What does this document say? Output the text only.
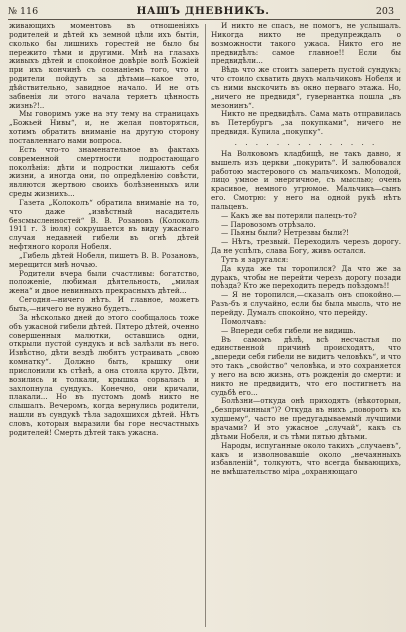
№ 116	НАШЪ ДНЕВНИКЪ.	203

живающихъ моментовъ въ отношеніяхъ родителей и дѣтей къ земной цѣли ихъ бытія, сколько бы лишнихъ горестей не было бы пережито тѣми и другими. Мнѣ на глазахъ живыхъ дѣтей и спокойное довѣріе волѣ Божіей при ихъ кончинѣ съ сознаніемъ того, что и родители пойдутъ за дѣтьми—какое это, дѣйствительно, завидное начало. И не отъ забвенія ли этого начала теряетъ цѣнность жизнь?!..

Мы говоримъ уже на эту тему на страницахъ „Божьей Нивы“, и, не желая повторяться, хотимъ обратить вниманіе на другую сторону поставленнаго нами вопроса.

Есть что-то знаменательное въ фактахъ современной смертности подростающаго поколѣнія: дѣти и подростки лишаютъ себя жизни, а иногда они, по опредѣленію совѣсти, являются жертвою своихъ болѣзненныхъ или среды жизнихъ...

Газета „Колоколъ“ обратила вниманіе на то, что даже „извѣстный насадитель безсмысленностей“ В. В. Розановъ (Колоколъ 1911 г. 3 іюля) сокрушается въ виду ужаснаго случая недавней гибели въ огнѣ дѣтей нефтяного короля Нобеля.

„Гибель дѣтей Нобеля, пишетъ В. В. Розановъ, мерещится мнѣ ночью.

Родители вчера были счастливы: богатство, положеніе, любимая дѣятельность, „милая жена“ и двое невинныхъ прекрасныхъ дѣтей...

Сегодня—ничего нѣтъ. И главное, можетъ быть,—ничего не нужно будетъ...

За нѣсколько дней до этого сообщалось тоже объ ужасной гибели дѣтей. Пятеро дѣтей, оченно совершенныя малютки, оставшись одни, открыли пустой сундукъ и всѣ залѣзли въ него. Извѣстно, дѣти вездѣ любятъ устраивать „свою комнатку“. Должно быть, крышку они прислонили къ стѣнѣ, а она стояла круто. Дѣти, возились и толкали, крышка сорвалась и захлопнула сундукъ. Конечно, они кричали, плакали... Но въ пустомъ домѣ никто не слышалъ. Вечеромъ, когда вернулись родители, нашли въ сундукѣ тѣла задохшихся дѣтей. Нѣтъ словъ, которыя выразили бы горе несчастныхъ родителей! Смерть дѣтей такъ ужасна.

И никто не спасъ, не помогъ, не услышалъ. Никогда никто не предупреждалъ о возможности такого ужаса. Никто его не предвидѣлъ: самое главное!! Если бы предвидѣли...

Вѣдь что же стоитъ запереть пустой сундукъ; что стоило схватить двухъ мальчиковъ Нобеля и съ ними выскочить въ окно перваго этажа. Но, „ничего не предвидя“, гувернантка пошла „въ мезонинъ“.

Никто не предвидѣлъ. Сама мать отправилась въ Петербургъ „за покупками“, ничего не предвидя. Купила „покупку“.

. . . . . . . . . . . . . .

На Волковомъ кладбищѣ, не такъ давно, я вышелъ изъ церкви „покурить“. И залюбовался работою мастерового съ мальчикомъ. Молодой, лицо умное и энергичное, съ мыслью; очень красивое, немного угрюмое. Мальчикъ—сынъ его. Смотрю: у него на одной рукѣ нѣтъ пальцевъ.

— Какъ же вы потеряли палецъ-то?

— Паровозомъ отрѣзало.

— Пьяны были? Нетрезвы были?!

— Нѣтъ, трезвый. Переходилъ черезъ дорогу. Да не успѣлъ, слава Богу, живъ остался.

Тутъ я заругался:

Да куда же ты торопился? Да что же за дуракъ, чтобы не перейти черезъ дорогу позади поѣзда? Кто же переходить передъ поѣздомъ!!

— Я не торопился,—сказалъ онъ спокойно.—Разъ-бъ я случайно, если бы была мысль, что не перейду. Думалъ спокойно, что перейду.

Помолчавъ:

— Впереди себя гибели не видишь.

Въ самомъ дѣлѣ, всѣ несчастья по единственной причинѣ происходятъ, что „впереди себя гибели не видитъ человѣкъ“, и что это такъ „свойство“ человѣка, и это сохраняется у него на всю жизнь, отъ рожденія до смерти: и никто не предвидитъ, что его постигнетъ на судьбѣ его...

Болѣзни—откуда онѣ приходятъ (нѣкоторыя, „безпричинныя“)? Откуда въ нихъ „поворотъ къ худшему“, часто не предугадываемый лучшими врачами? И это ужасное „случай“, какъ съ дѣтьми Нобеля, и съ тѣми пятью дѣтьми.

Народы, испуганные около такихъ „случаевъ“, какъ и изволновавшіе около „нечаянныхъ избавленій“, толкуютъ, что всегда бывающихъ, не вмѣшательство міра „охраняющаго
